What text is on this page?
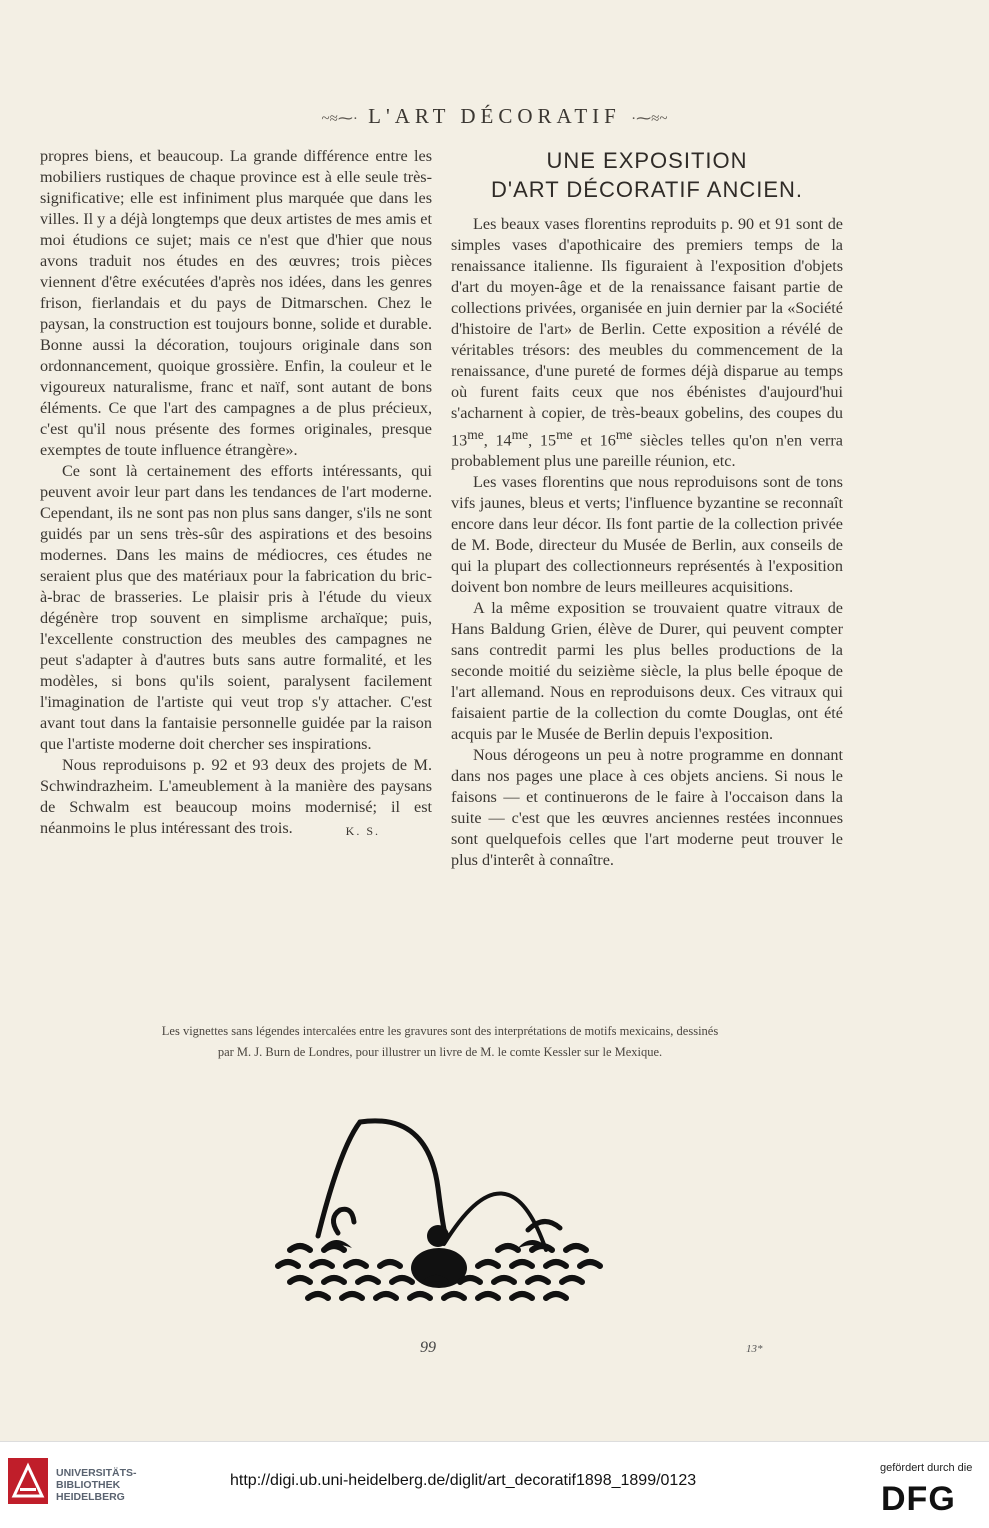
~≈⁓· L'ART DÉCORATIF ·⁓≈~

propres biens, et beaucoup. La grande différence entre les mobiliers rustiques de chaque province est à elle seule très-significative; elle est infiniment plus marquée que dans les villes. Il y a déjà longtemps que deux artistes de mes amis et moi étudions ce sujet; mais ce n'est que d'hier que nous avons traduit nos études en des œuvres; trois pièces viennent d'être exécutées d'après nos idées, dans les genres frison, fierlandais et du pays de Ditmarschen. Chez le paysan, la construction est toujours bonne, solide et durable. Bonne aussi la décoration, toujours originale dans son ordonnancement, quoique grossière. Enfin, la couleur et le vigoureux naturalisme, franc et naïf, sont autant de bons éléments. Ce que l'art des campagnes a de plus précieux, c'est qu'il nous présente des formes originales, presque exemptes de toute influence étrangère».

Ce sont là certainement des efforts intéressants, qui peuvent avoir leur part dans les tendances de l'art moderne. Cependant, ils ne sont pas non plus sans danger, s'ils ne sont guidés par un sens très-sûr des aspirations et des besoins modernes. Dans les mains de médiocres, ces études ne seraient plus que des matériaux pour la fabrication du bric-à-brac de brasseries. Le plaisir pris à l'étude du vieux dégénère trop souvent en simplisme archaïque; puis, l'excellente construction des meubles des campagnes ne peut s'adapter à d'autres buts sans autre formalité, et les modèles, si bons qu'ils soient, paralysent facilement l'imagination de l'artiste qui veut trop s'y attacher. C'est avant tout dans la fantaisie personnelle guidée par la raison que l'artiste moderne doit chercher ses inspirations.

Nous reproduisons p. 92 et 93 deux des projets de M. Schwindrazheim. L'ameublement à la manière des paysans de Schwalm est beaucoup moins modernisé; il est néanmoins le plus intéressant des trois.	K. S.

UNE EXPOSITION
D'ART DÉCORATIF ANCIEN.

Les beaux vases florentins reproduits p. 90 et 91 sont de simples vases d'apothicaire des premiers temps de la renaissance italienne. Ils figuraient à l'exposition d'objets d'art du moyen-âge et de la renaissance faisant partie de collections privées, organisée en juin dernier par la «Société d'histoire de l'art» de Berlin. Cette exposition a révélé de véritables trésors: des meubles du commencement de la renaissance, d'une pureté de formes déjà disparue au temps où furent faits ceux que nos ébénistes d'aujourd'hui s'acharnent à copier, de très-beaux gobelins, des coupes du $13^{me}$, $14^{me}$, $15^{me}$ et $16^{me}$ siècles telles qu'on n'en verra probablement plus une pareille réunion, etc.

Les vases florentins que nous reproduisons sont de tons vifs jaunes, bleus et verts; l'influence byzantine se reconnaît encore dans leur décor. Ils font partie de la collection privée de M. Bode, directeur du Musée de Berlin, aux conseils de qui la plupart des collectionneurs représentés à l'exposition doivent bon nombre de leurs meilleures acquisitions.

A la même exposition se trouvaient quatre vitraux de Hans Baldung Grien, élève de Durer, qui peuvent compter sans contredit parmi les plus belles productions de la seconde moitié du seizième siècle, la plus belle époque de l'art allemand. Nous en reproduisons deux. Ces vitraux qui faisaient partie de la collection du comte Douglas, ont été acquis par le Musée de Berlin depuis l'exposition.

Nous dérogeons un peu à notre programme en donnant dans nos pages une place à ces objets anciens. Si nous le faisons — et continuerons de le faire à l'occaison dans la suite — c'est que les œuvres anciennes restées inconnues sont quelquefois celles que l'art moderne peut trouver le plus d'interêt à connaître.

Les vignettes sans légendes intercalées entre les gravures sont des interprétations de motifs mexicains, dessinés
par M. J. Burn de Londres, pour illustrer un livre de M. le comte Kessler sur le Mexique.
99	13*
UNIVERSITÄTS-
BIBLIOTHEK
HEIDELBERG
http://digi.ub.uni-heidelberg.de/diglit/art_decoratif1898_1899/0123
gefördert durch die
DFG
